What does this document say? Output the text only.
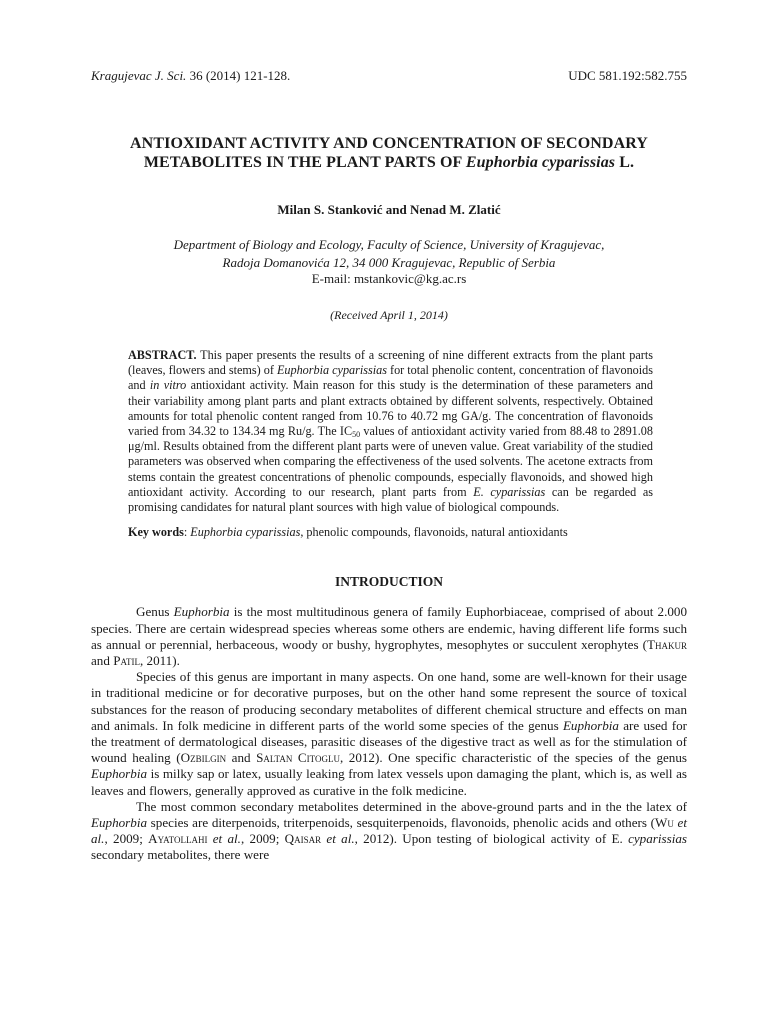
Kragujevac J. Sci. 36 (2014) 121-128.	UDC 581.192:582.755
ANTIOXIDANT ACTIVITY AND CONCENTRATION OF SECONDARY
METABOLITES IN THE PLANT PARTS OF Euphorbia cyparissias L.
Milan S. Stanković and Nenad M. Zlatić
Department of Biology and Ecology, Faculty of Science, University of Kragujevac,
Radoja Domanovića 12, 34 000 Kragujevac, Republic of Serbia
E-mail: mstankovic@kg.ac.rs
(Received April 1, 2014)
ABSTRACT. This paper presents the results of a screening of nine different extracts from the plant parts (leaves, flowers and stems) of Euphorbia cyparissias for total phenolic content, concentration of flavonoids and in vitro antioxidant activity. Main reason for this study is the determination of these parameters and their variability among plant parts and plant extracts obtained by different solvents, respectively. Obtained amounts for total phenolic content ranged from 10.76 to 40.72 mg GA/g. The concentration of flavonoids varied from 34.32 to 134.34 mg Ru/g. The $IC_{50}$ values of antioxidant activity varied from 88.48 to 2891.08 μg/ml. Results obtained from the different plant parts were of uneven value. Great variability of the studied parameters was observed when comparing the effectiveness of the used solvents. The acetone extracts from stems contain the greatest concentrations of phenolic compounds, especially flavonoids, and showed high antioxidant activity. According to our research, plant parts from E. cyparissias can be regarded as promising candidates for natural plant sources with high value of biological compounds.
Key words: Euphorbia cyparissias, phenolic compounds, flavonoids, natural antioxidants
INTRODUCTION

Genus Euphorbia is the most multitudinous genera of family Euphorbiaceae, comprised of about 2.000 species. There are certain widespread species whereas some others are endemic, having different life forms such as annual or perennial, herbaceous, woody or bushy, hygrophytes, mesophytes or succulent xerophytes (Thakur and Patil, 2011).

Species of this genus are important in many aspects. On one hand, some are well-known for their usage in traditional medicine or for decorative purposes, but on the other hand some represent the source of toxical substances for the reason of producing secondary metabolites of different chemical structure and effects on man and animals. In folk medicine in different parts of the world some species of the genus Euphorbia are used for the treatment of dermatological diseases, parasitic diseases of the digestive tract as well as for the stimulation of wound healing (Ozbilgin and Saltan Citoglu, 2012). One specific characteristic of the species of the genus Euphorbia is milky sap or latex, usually leaking from latex vessels upon damaging the plant, which is, as well as leaves and flowers, generally approved as curative in the folk medicine.

The most common secondary metabolites determined in the above-ground parts and in the the latex of Euphorbia species are diterpenoids, triterpenoids, sesquiterpenoids, flavonoids, phenolic acids and others (Wu et al., 2009; Ayatollahi et al., 2009; Qaisar et al., 2012). Upon testing of biological activity of E. cyparissias secondary metabolites, there were
